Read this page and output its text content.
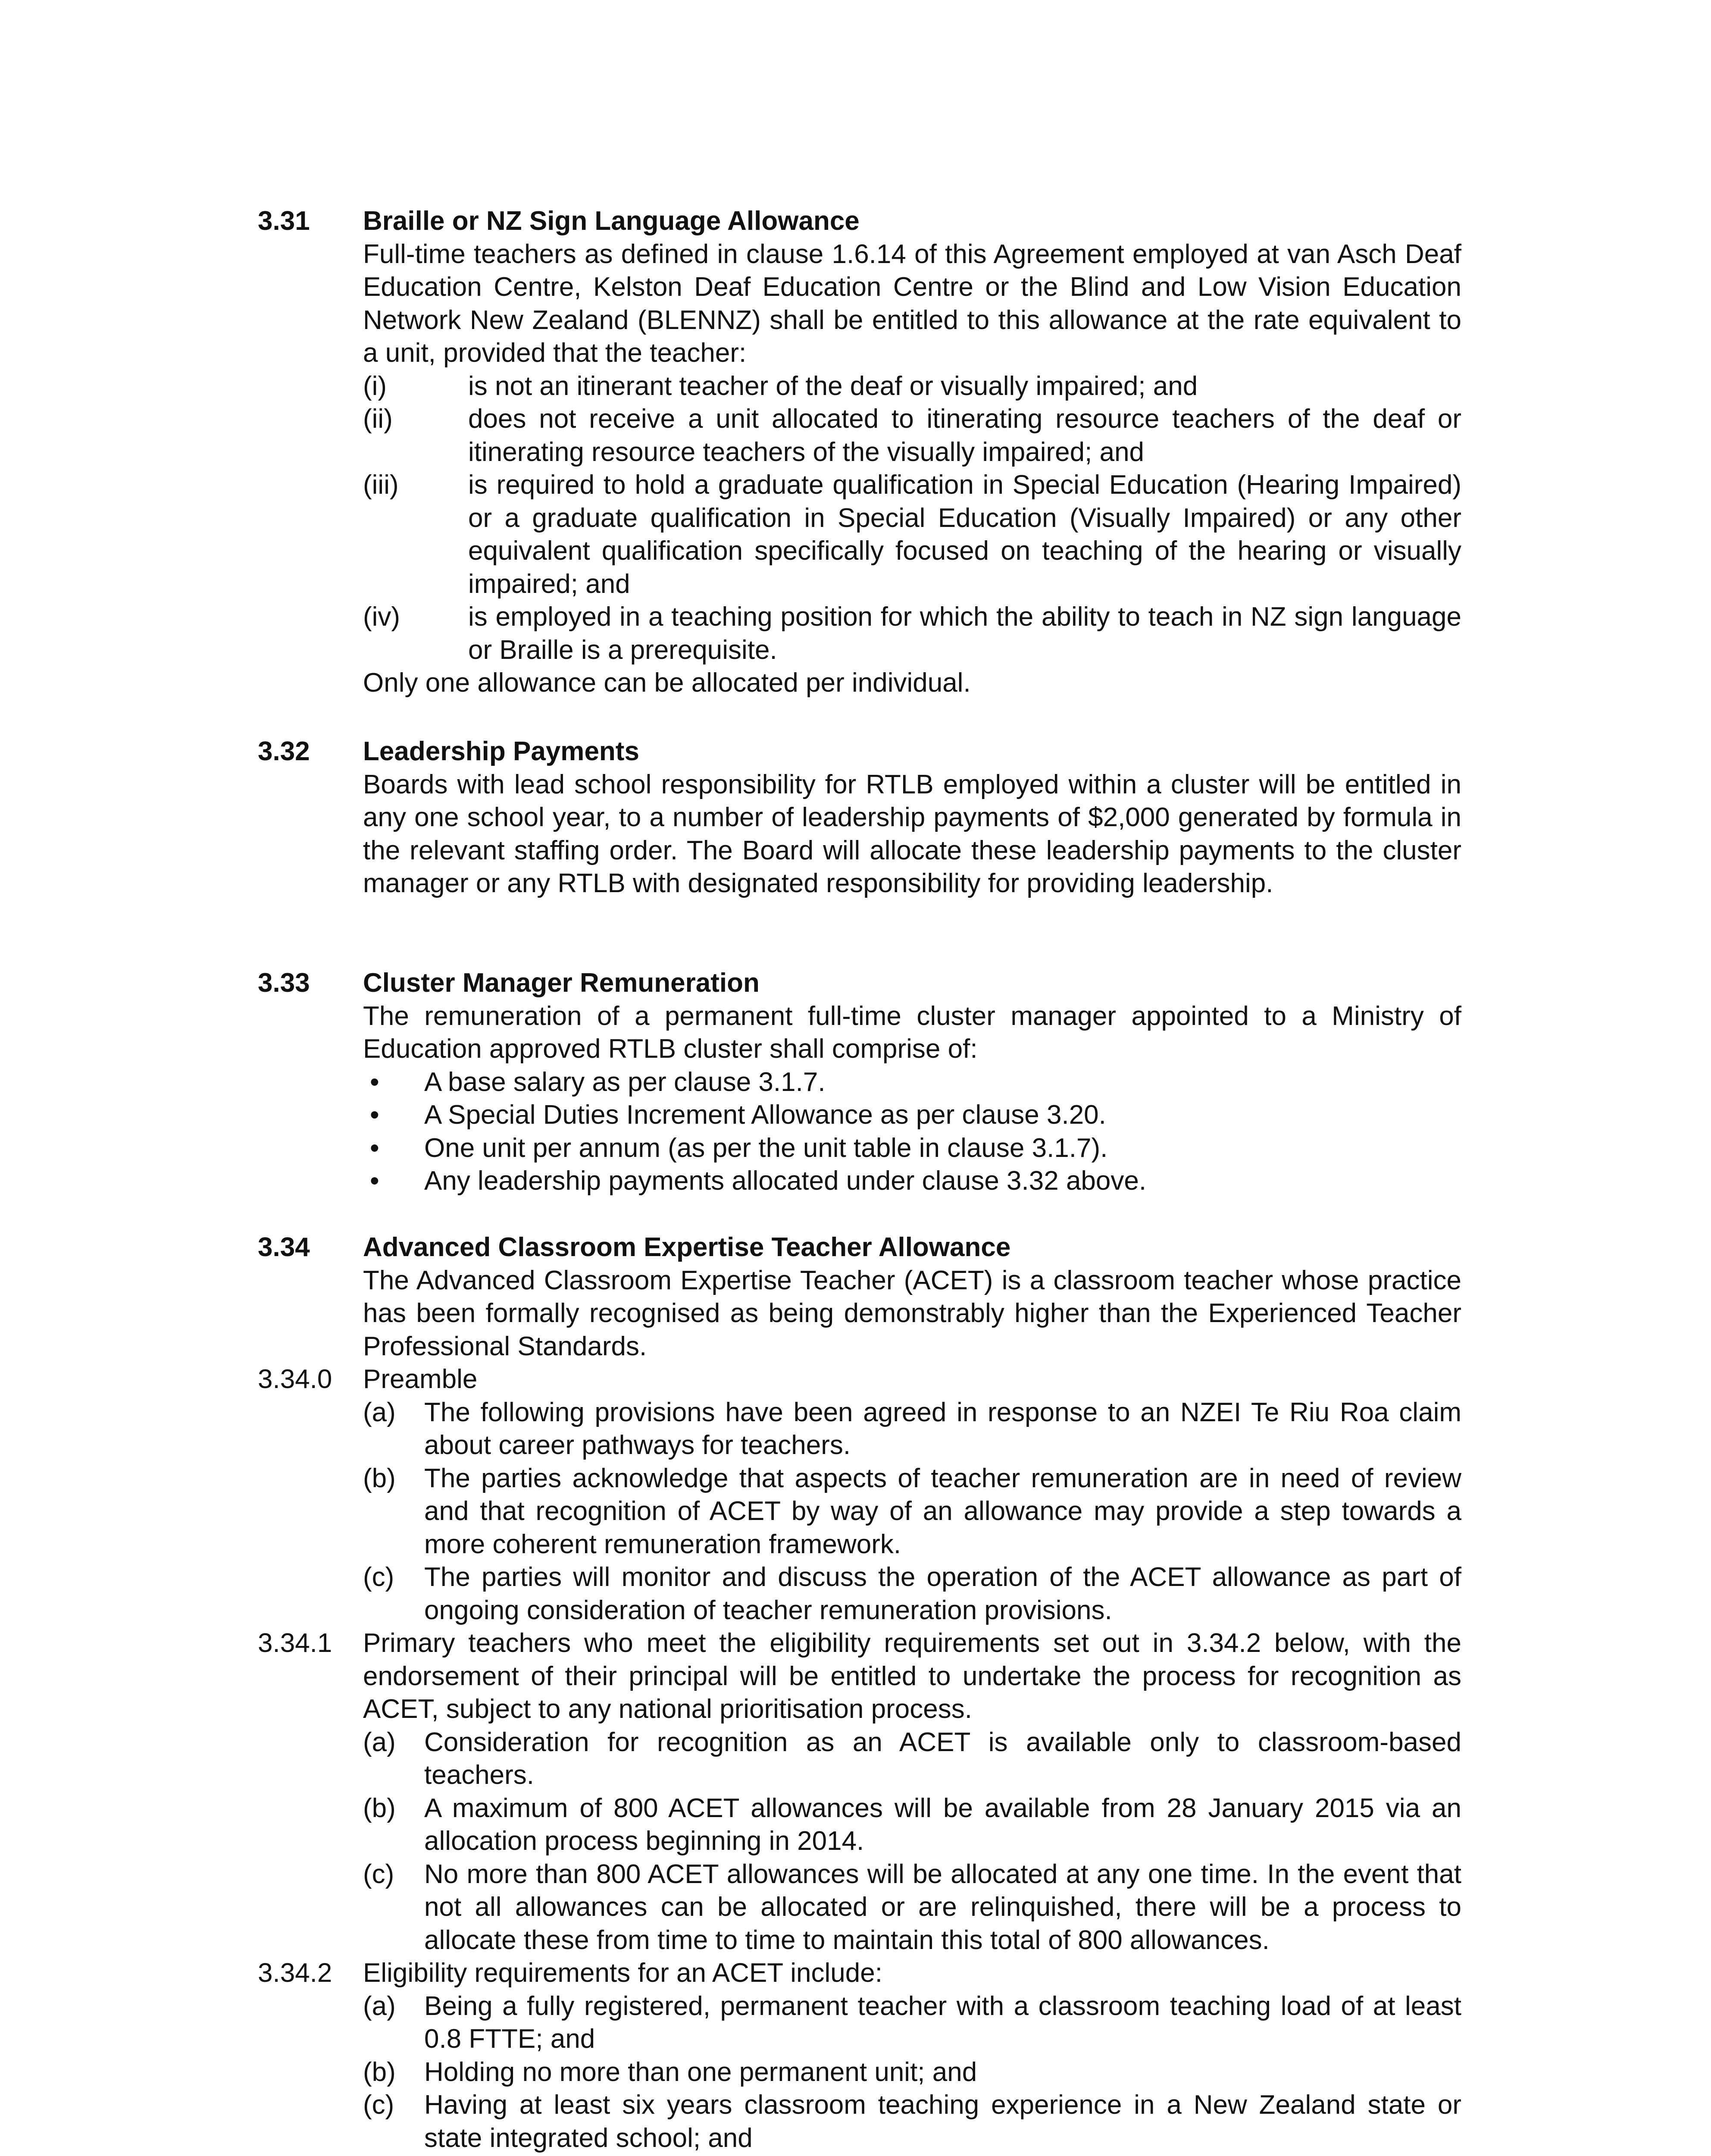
3.31 Braille or NZ Sign Language Allowance
Full-time teachers as defined in clause 1.6.14 of this Agreement employed at van Asch Deaf Education Centre, Kelston Deaf Education Centre or the Blind and Low Vision Education Network New Zealand (BLENNZ) shall be entitled to this allowance at the rate equivalent to a unit, provided that the teacher:
(i)	is not an itinerant teacher of the deaf or visually impaired; and
(ii)	does not receive a unit allocated to itinerating resource teachers of the deaf or itinerating resource teachers of the visually impaired; and
(iii)	is required to hold a graduate qualification in Special Education (Hearing Impaired) or a graduate qualification in Special Education (Visually Impaired) or any other equivalent qualification specifically focused on teaching of the hearing or visually impaired; and
(iv)	is employed in a teaching position for which the ability to teach in NZ sign language or Braille is a prerequisite.
Only one allowance can be allocated per individual.
3.32 Leadership Payments
Boards with lead school responsibility for RTLB employed within a cluster will be entitled in any one school year, to a number of leadership payments of $2,000 generated by formula in the relevant staffing order. The Board will allocate these leadership payments to the cluster manager or any RTLB with designated responsibility for providing leadership.
3.33 Cluster Manager Remuneration
The remuneration of a permanent full-time cluster manager appointed to a Ministry of Education approved RTLB cluster shall comprise of:
• A base salary as per clause 3.1.7.
• A Special Duties Increment Allowance as per clause 3.20.
• One unit per annum (as per the unit table in clause 3.1.7).
• Any leadership payments allocated under clause 3.32 above.
3.34 Advanced Classroom Expertise Teacher Allowance
The Advanced Classroom Expertise Teacher (ACET) is a classroom teacher whose practice has been formally recognised as being demonstrably higher than the Experienced Teacher Professional Standards.
3.34.0 Preamble
(a) The following provisions have been agreed in response to an NZEI Te Riu Roa claim about career pathways for teachers.
(b) The parties acknowledge that aspects of teacher remuneration are in need of review and that recognition of ACET by way of an allowance may provide a step towards a more coherent remuneration framework.
(c) The parties will monitor and discuss the operation of the ACET allowance as part of ongoing consideration of teacher remuneration provisions.
3.34.1 Primary teachers who meet the eligibility requirements set out in 3.34.2 below, with the endorsement of their principal will be entitled to undertake the process for recognition as ACET, subject to any national prioritisation process.
(a) Consideration for recognition as an ACET is available only to classroom-based teachers.
(b) A maximum of 800 ACET allowances will be available from 28 January 2015 via an allocation process beginning in 2014.
(c) No more than 800 ACET allowances will be allocated at any one time. In the event that not all allowances can be allocated or are relinquished, there will be a process to allocate these from time to time to maintain this total of 800 allowances.
3.34.2 Eligibility requirements for an ACET include:
(a) Being a fully registered, permanent teacher with a classroom teaching load of at least 0.8 FTTE; and
(b) Holding no more than one permanent unit; and
(c) Having at least six years classroom teaching experience in a New Zealand state or state integrated school; and
